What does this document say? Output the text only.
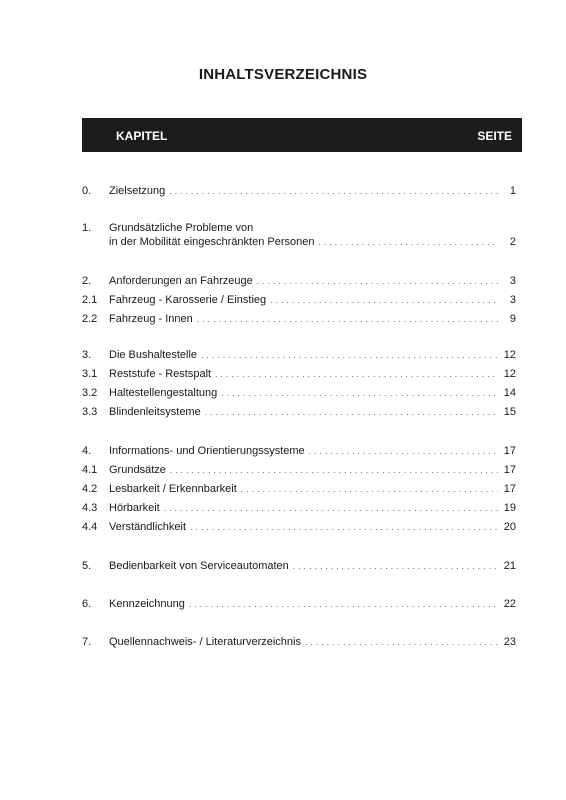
INHALTSVERZEICHNIS
KAPITEL	SEITE
0. Zielsetzung . . .	1
1. Grundsätzliche Probleme von
in der Mobilität eingeschränkten Personen . . .	2
2. Anforderungen an Fahrzeuge . . .	3
2.1 Fahrzeug - Karosserie / Einstieg . . .	3
2.2 Fahrzeug - Innen . . .	9
3. Die Bushaltestelle . . .	12
3.1 Reststufe - Restspalt . . .	12
3.2 Haltestellengestaltung . . .	14
3.3 Blindenleitsysteme . . .	15
4. Informations- und Orientierungssysteme . . .	17
4.1 Grundsätze . . .	17
4.2 Lesbarkeit / Erkennbarkeit . . .	17
4.3 Hörbarkeit . . .	19
4.4 Verständlichkeit . . .	20
5. Bedienbarkeit von Serviceautomaten . . .	21
6. Kennzeichnung . . .	22
7. Quellennachweis- / Literaturverzeichnis . . .	23
